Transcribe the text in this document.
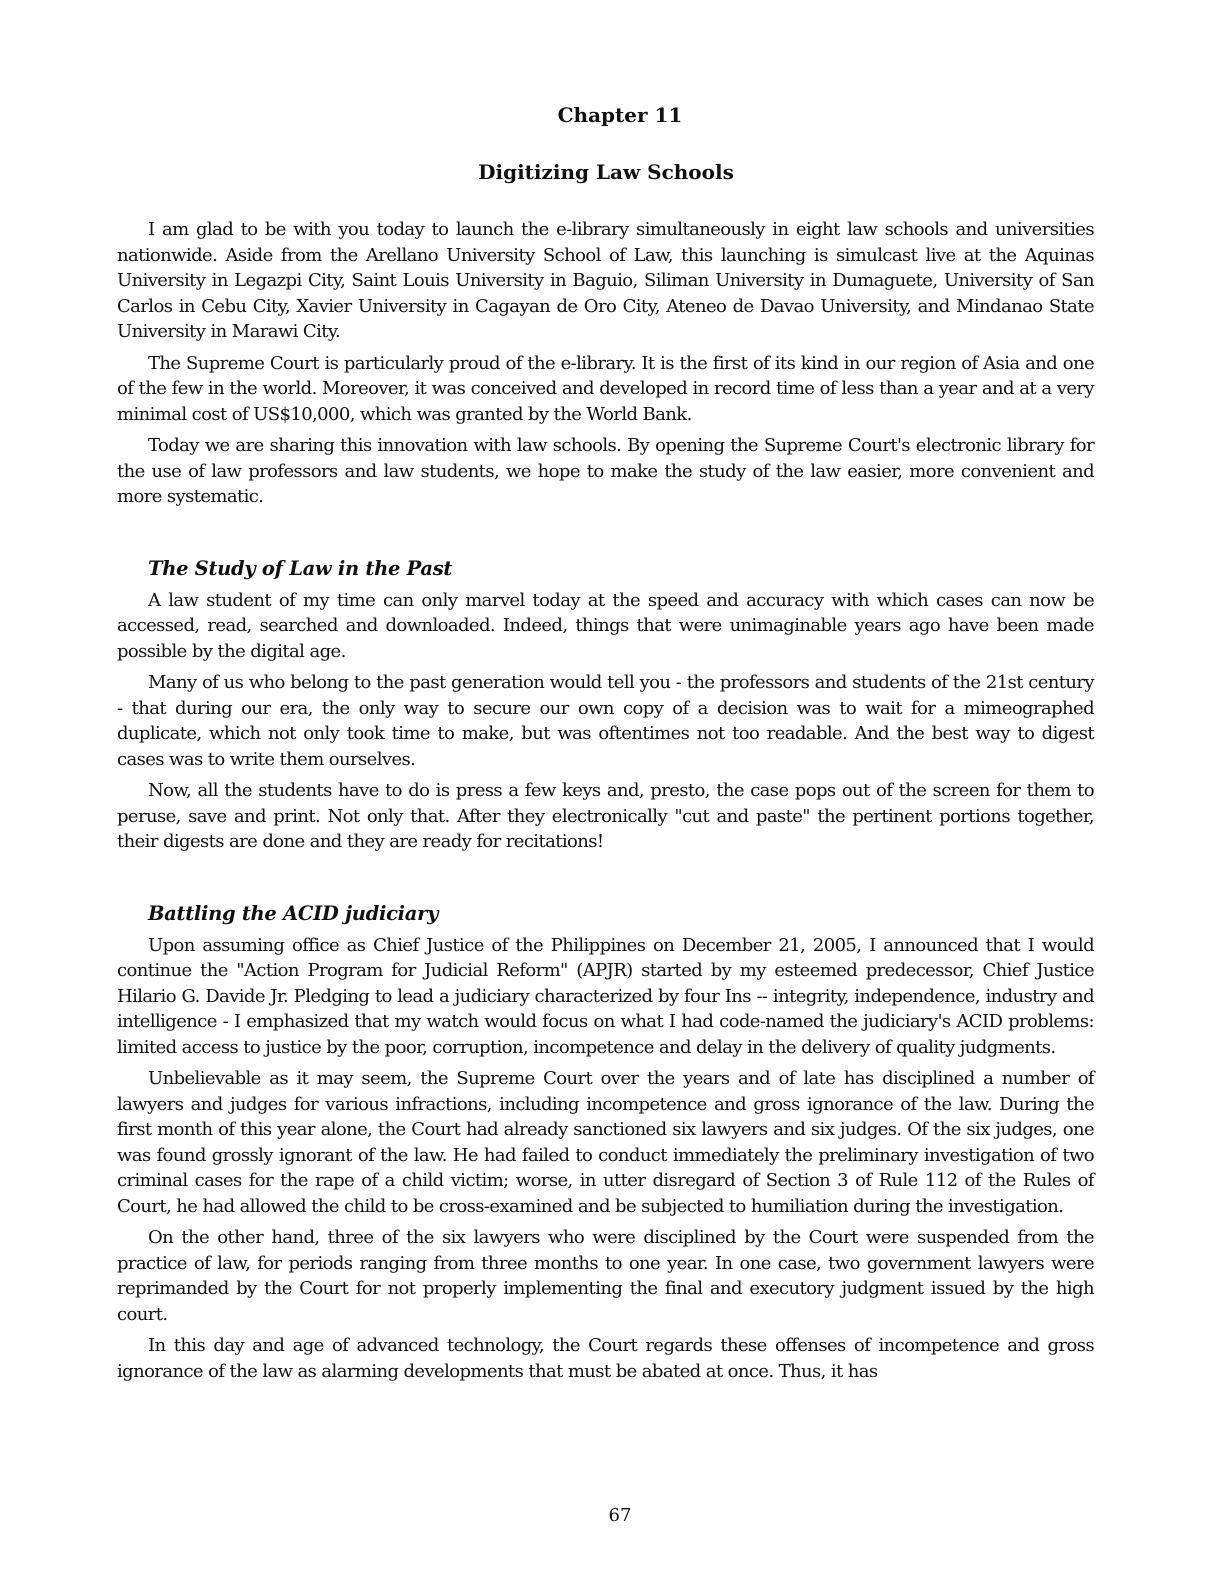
Chapter 11
Digitizing Law Schools

I am glad to be with you today to launch the e-library simultaneously in eight law schools and universities nationwide. Aside from the Arellano University School of Law, this launching is simulcast live at the Aquinas University in Legazpi City, Saint Louis University in Baguio, Siliman University in Dumaguete, University of San Carlos in Cebu City, Xavier University in Cagayan de Oro City, Ateneo de Davao University, and Mindanao State University in Marawi City.

The Supreme Court is particularly proud of the e-library. It is the first of its kind in our region of Asia and one of the few in the world. Moreover, it was conceived and developed in record time of less than a year and at a very minimal cost of US$10,000, which was granted by the World Bank.

Today we are sharing this innovation with law schools. By opening the Supreme Court's electronic library for the use of law professors and law students, we hope to make the study of the law easier, more convenient and more systematic.

The Study of Law in the Past

A law student of my time can only marvel today at the speed and accuracy with which cases can now be accessed, read, searched and downloaded. Indeed, things that were unimaginable years ago have been made possible by the digital age.

Many of us who belong to the past generation would tell you - the professors and students of the 21st century - that during our era, the only way to secure our own copy of a decision was to wait for a mimeographed duplicate, which not only took time to make, but was oftentimes not too readable. And the best way to digest cases was to write them ourselves.

Now, all the students have to do is press a few keys and, presto, the case pops out of the screen for them to peruse, save and print. Not only that. After they electronically "cut and paste" the pertinent portions together, their digests are done and they are ready for recitations!

Battling the ACID judiciary

Upon assuming office as Chief Justice of the Philippines on December 21, 2005, I announced that I would continue the "Action Program for Judicial Reform" (APJR) started by my esteemed predecessor, Chief Justice Hilario G. Davide Jr. Pledging to lead a judiciary characterized by four Ins -- integrity, independence, industry and intelligence - I emphasized that my watch would focus on what I had code-named the judiciary's ACID problems: limited access to justice by the poor, corruption, incompetence and delay in the delivery of quality judgments.

Unbelievable as it may seem, the Supreme Court over the years and of late has disciplined a number of lawyers and judges for various infractions, including incompetence and gross ignorance of the law. During the first month of this year alone, the Court had already sanctioned six lawyers and six judges. Of the six judges, one was found grossly ignorant of the law. He had failed to conduct immediately the preliminary investigation of two criminal cases for the rape of a child victim; worse, in utter disregard of Section 3 of Rule 112 of the Rules of Court, he had allowed the child to be cross-examined and be subjected to humiliation during the investigation.

On the other hand, three of the six lawyers who were disciplined by the Court were suspended from the practice of law, for periods ranging from three months to one year. In one case, two government lawyers were reprimanded by the Court for not properly implementing the final and executory judgment issued by the high court.

In this day and age of advanced technology, the Court regards these offenses of incompetence and gross ignorance of the law as alarming developments that must be abated at once. Thus, it has

67
